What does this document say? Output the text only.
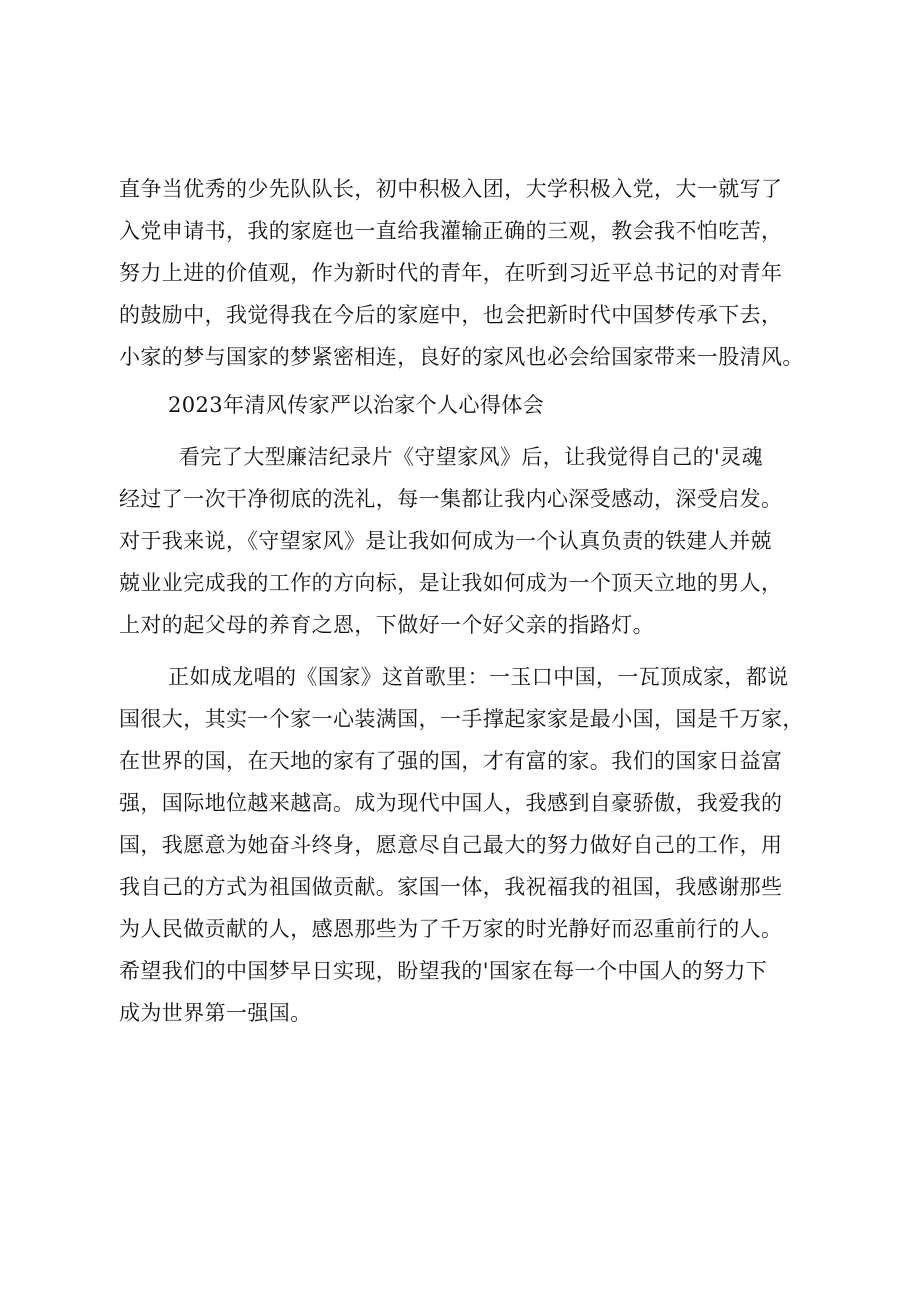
直争当优秀的少先队队长，初中积极入团，大学积极入党，大一就写了
入党申请书，我的家庭也一直给我灌输正确的三观，教会我不怕吃苦，
努力上进的价值观，作为新时代的青年，在听到习近平总书记的对青年
的鼓励中，我觉得我在今后的家庭中，也会把新时代中国梦传承下去，
小家的梦与国家的梦紧密相连，良好的家风也必会给国家带来一股清风。
2023年清风传家严以治家个人心得体会
看完了大型廉洁纪录片《守望家风》后，让我觉得自己的'灵魂
经过了一次干净彻底的洗礼，每一集都让我内心深受感动，深受启发。
对于我来说，《守望家风》是让我如何成为一个认真负责的铁建人并兢
兢业业完成我的工作的方向标，是让我如何成为一个顶天立地的男人，
上对的起父母的养育之恩，下做好一个好父亲的指路灯。
正如成龙唱的《国家》这首歌里：一玉口中国，一瓦顶成家，都说
国很大，其实一个家一心装满国，一手撑起家家是最小国，国是千万家，
在世界的国，在天地的家有了强的国，才有富的家。我们的国家日益富
强，国际地位越来越高。成为现代中国人，我感到自豪骄傲，我爱我的
国，我愿意为她奋斗终身，愿意尽自己最大的努力做好自己的工作，用
我自己的方式为祖国做贡献。家国一体，我祝福我的祖国，我感谢那些
为人民做贡献的人，感恩那些为了千万家的时光静好而忍重前行的人。
希望我们的中国梦早日实现，盼望我的'国家在每一个中国人的努力下
成为世界第一强国。
